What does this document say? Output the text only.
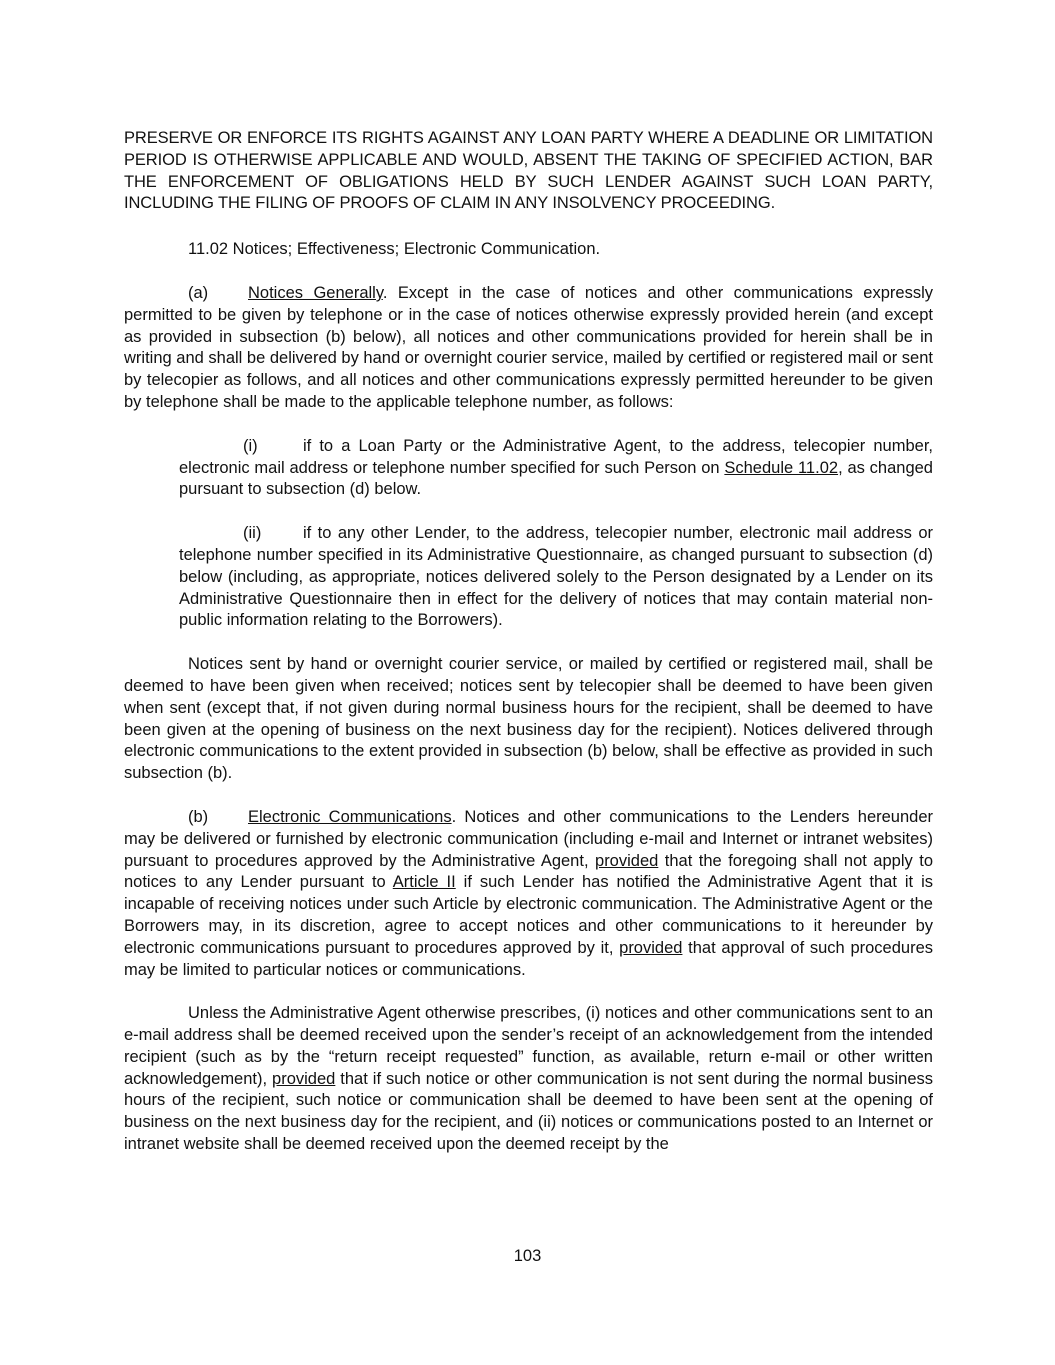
PRESERVE OR ENFORCE ITS RIGHTS AGAINST ANY LOAN PARTY WHERE A DEADLINE OR LIMITATION PERIOD IS OTHERWISE APPLICABLE AND WOULD, ABSENT THE TAKING OF SPECIFIED ACTION, BAR THE ENFORCEMENT OF OBLIGATIONS HELD BY SUCH LENDER AGAINST SUCH LOAN PARTY, INCLUDING THE FILING OF PROOFS OF CLAIM IN ANY INSOLVENCY PROCEEDING.

11.02 Notices; Effectiveness; Electronic Communication.

(a) Notices Generally. Except in the case of notices and other communications expressly permitted to be given by telephone or in the case of notices otherwise expressly provided herein (and except as provided in subsection (b) below), all notices and other communications provided for herein shall be in writing and shall be delivered by hand or overnight courier service, mailed by certified or registered mail or sent by telecopier as follows, and all notices and other communications expressly permitted hereunder to be given by telephone shall be made to the applicable telephone number, as follows:

(i)	if to a Loan Party or the Administrative Agent, to the address, telecopier number, electronic mail address or telephone number specified for such Person on Schedule 11.02, as changed pursuant to subsection (d) below.

(ii)	if to any other Lender, to the address, telecopier number, electronic mail address or telephone number specified in its Administrative Questionnaire, as changed pursuant to subsection (d) below (including, as appropriate, notices delivered solely to the Person designated by a Lender on its Administrative Questionnaire then in effect for the delivery of notices that may contain material non-public information relating to the Borrowers).

Notices sent by hand or overnight courier service, or mailed by certified or registered mail, shall be deemed to have been given when received; notices sent by telecopier shall be deemed to have been given when sent (except that, if not given during normal business hours for the recipient, shall be deemed to have been given at the opening of business on the next business day for the recipient). Notices delivered through electronic communications to the extent provided in subsection (b) below, shall be effective as provided in such subsection (b).

(b) Electronic Communications. Notices and other communications to the Lenders hereunder may be delivered or furnished by electronic communication (including e-mail and Internet or intranet websites) pursuant to procedures approved by the Administrative Agent, provided that the foregoing shall not apply to notices to any Lender pursuant to Article II if such Lender has notified the Administrative Agent that it is incapable of receiving notices under such Article by electronic communication. The Administrative Agent or the Borrowers may, in its discretion, agree to accept notices and other communications to it hereunder by electronic communications pursuant to procedures approved by it, provided that approval of such procedures may be limited to particular notices or communications.

Unless the Administrative Agent otherwise prescribes, (i) notices and other communications sent to an e-mail address shall be deemed received upon the sender’s receipt of an acknowledgement from the intended recipient (such as by the “return receipt requested” function, as available, return e-mail or other written acknowledgement), provided that if such notice or other communication is not sent during the normal business hours of the recipient, such notice or communication shall be deemed to have been sent at the opening of business on the next business day for the recipient, and (ii) notices or communications posted to an Internet or intranet website shall be deemed received upon the deemed receipt by the

103
